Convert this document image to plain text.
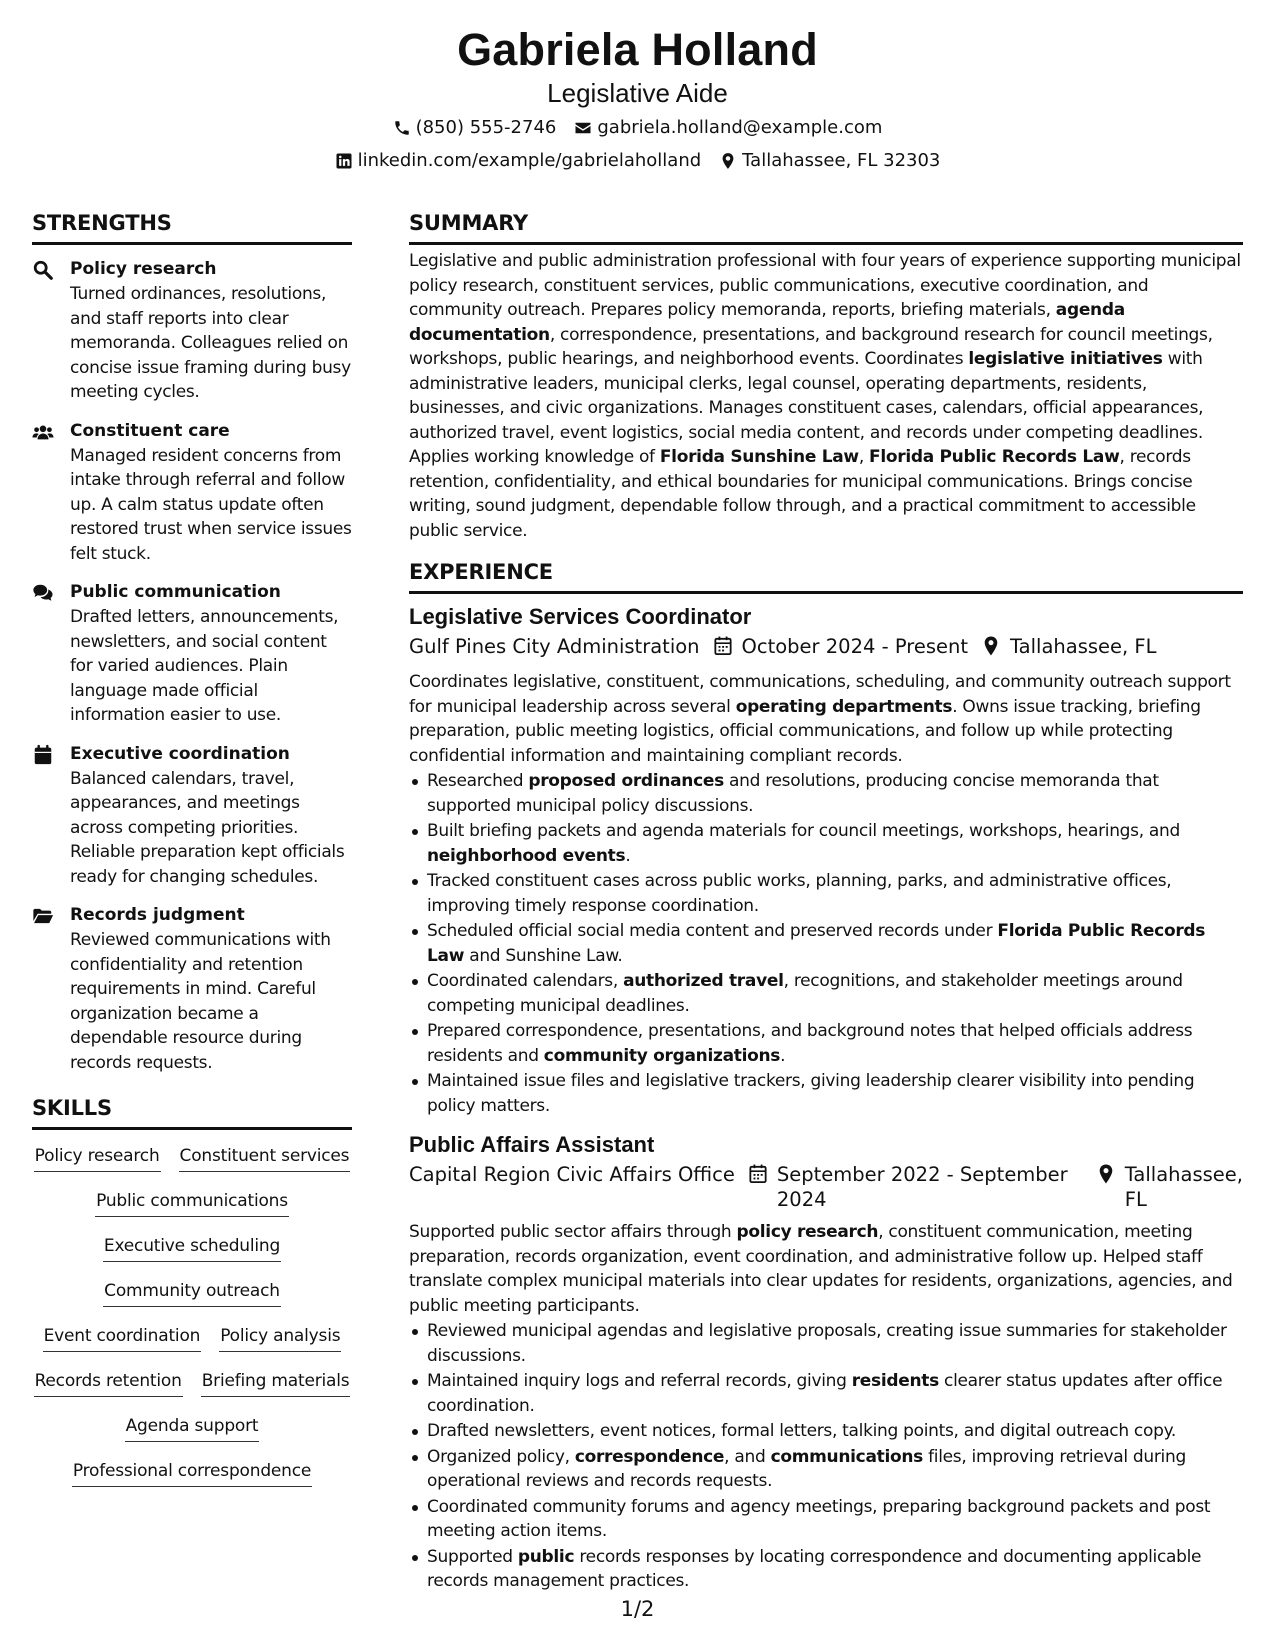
Gabriela Holland
Legislative Aide
(850) 555-2746 gabriela.holland@example.com
linkedin.com/example/gabrielaholland Tallahassee, FL 32303
STRENGTHS
Policy research
Turned ordinances, resolutions, and staff reports into clear memoranda. Colleagues relied on concise issue framing during busy meeting cycles.
Constituent care
Managed resident concerns from intake through referral and follow up. A calm status update often restored trust when service issues felt stuck.
Public communication
Drafted letters, announcements, newsletters, and social content for varied audiences. Plain language made official information easier to use.
Executive coordination
Balanced calendars, travel, appearances, and meetings across competing priorities. Reliable preparation kept officials ready for changing schedules.
Records judgment
Reviewed communications with confidentiality and retention requirements in mind. Careful organization became a dependable resource during records requests.
SKILLS
Policy research Constituent services
Public communications
Executive scheduling
Community outreach
Event coordination Policy analysis
Records retention Briefing materials
Agenda support
Professional correspondence
SUMMARY
Legislative and public administration professional with four years of experience supporting municipal policy research, constituent services, public communications, executive coordination, and community outreach. Prepares policy memoranda, reports, briefing materials, agenda documentation, correspondence, presentations, and background research for council meetings, workshops, public hearings, and neighborhood events. Coordinates legislative initiatives with administrative leaders, municipal clerks, legal counsel, operating departments, residents, businesses, and civic organizations. Manages constituent cases, calendars, official appearances, authorized travel, event logistics, social media content, and records under competing deadlines. Applies working knowledge of Florida Sunshine Law, Florida Public Records Law, records retention, confidentiality, and ethical boundaries for municipal communications. Brings concise writing, sound judgment, dependable follow through, and a practical commitment to accessible public service.
EXPERIENCE
Legislative Services Coordinator
Gulf Pines City Administration October 2024 - Present Tallahassee, FL
Coordinates legislative, constituent, communications, scheduling, and community outreach support for municipal leadership across several operating departments. Owns issue tracking, briefing preparation, public meeting logistics, official communications, and follow up while protecting confidential information and maintaining compliant records.
Researched proposed ordinances and resolutions, producing concise memoranda that supported municipal policy discussions.
Built briefing packets and agenda materials for council meetings, workshops, hearings, and neighborhood events.
Tracked constituent cases across public works, planning, parks, and administrative offices, improving timely response coordination.
Scheduled official social media content and preserved records under Florida Public Records Law and Sunshine Law.
Coordinated calendars, authorized travel, recognitions, and stakeholder meetings around competing municipal deadlines.
Prepared correspondence, presentations, and background notes that helped officials address residents and community organizations.
Maintained issue files and legislative trackers, giving leadership clearer visibility into pending policy matters.
Public Affairs Assistant
Capital Region Civic Affairs Office September 2022 - September 2024
Tallahassee, FL
Supported public sector affairs through policy research, constituent communication, meeting preparation, records organization, event coordination, and administrative follow up. Helped staff translate complex municipal materials into clear updates for residents, organizations, agencies, and public meeting participants.
Reviewed municipal agendas and legislative proposals, creating issue summaries for stakeholder discussions.
Maintained inquiry logs and referral records, giving residents clearer status updates after office coordination.
Drafted newsletters, event notices, formal letters, talking points, and digital outreach copy.
Organized policy, correspondence, and communications files, improving retrieval during operational reviews and records requests.
Coordinated community forums and agency meetings, preparing background packets and post meeting action items.
Supported public records responses by locating correspondence and documenting applicable records management practices.
1/2
